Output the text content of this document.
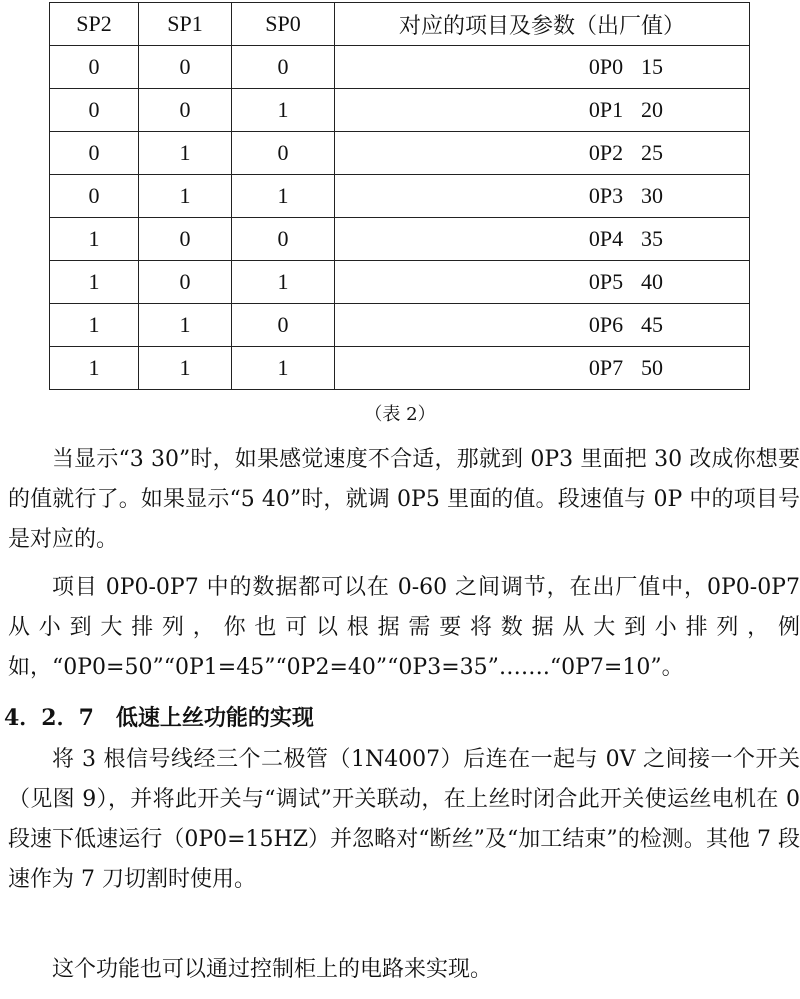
SP2	SP1	SP0	对应的项目及参数（出厂值）
0	0	0	0P0 15
0	0	1	0P1 20
0	1	0	0P2 25
0	1	1	0P3 30
1	0	0	0P4 35
1	0	1	0P5 40
1	1	0	0P6 45
1	1	1	0P7 50
（表 2）
当显示“3 30”时，如果感觉速度不合适，那就到 0P3 里面把 30 改成你想要的值就行了。如果显示“5 40”时，就调 0P5 里面的值。段速值与 0P 中的项目号是对应的。
项目 0P0-0P7 中的数据都可以在 0-60 之间调节，在出厂值中，0P0-0P7 从小到大排列，你也可以根据需要将数据从大到小排列，例如，“0P0=50”“0P1=45”“0P2=40”“0P3=35”…….“0P7=10”。
4．2．7　低速上丝功能的实现
将 3 根信号线经三个二极管（1N4007）后连在一起与 0V 之间接一个开关（见图 9），并将此开关与“调试”开关联动，在上丝时闭合此开关使运丝电机在 0 段速下低速运行（0P0=15HZ）并忽略对“断丝”及“加工结束”的检测。其他 7 段速作为 7 刀切割时使用。
这个功能也可以通过控制柜上的电路来实现。
